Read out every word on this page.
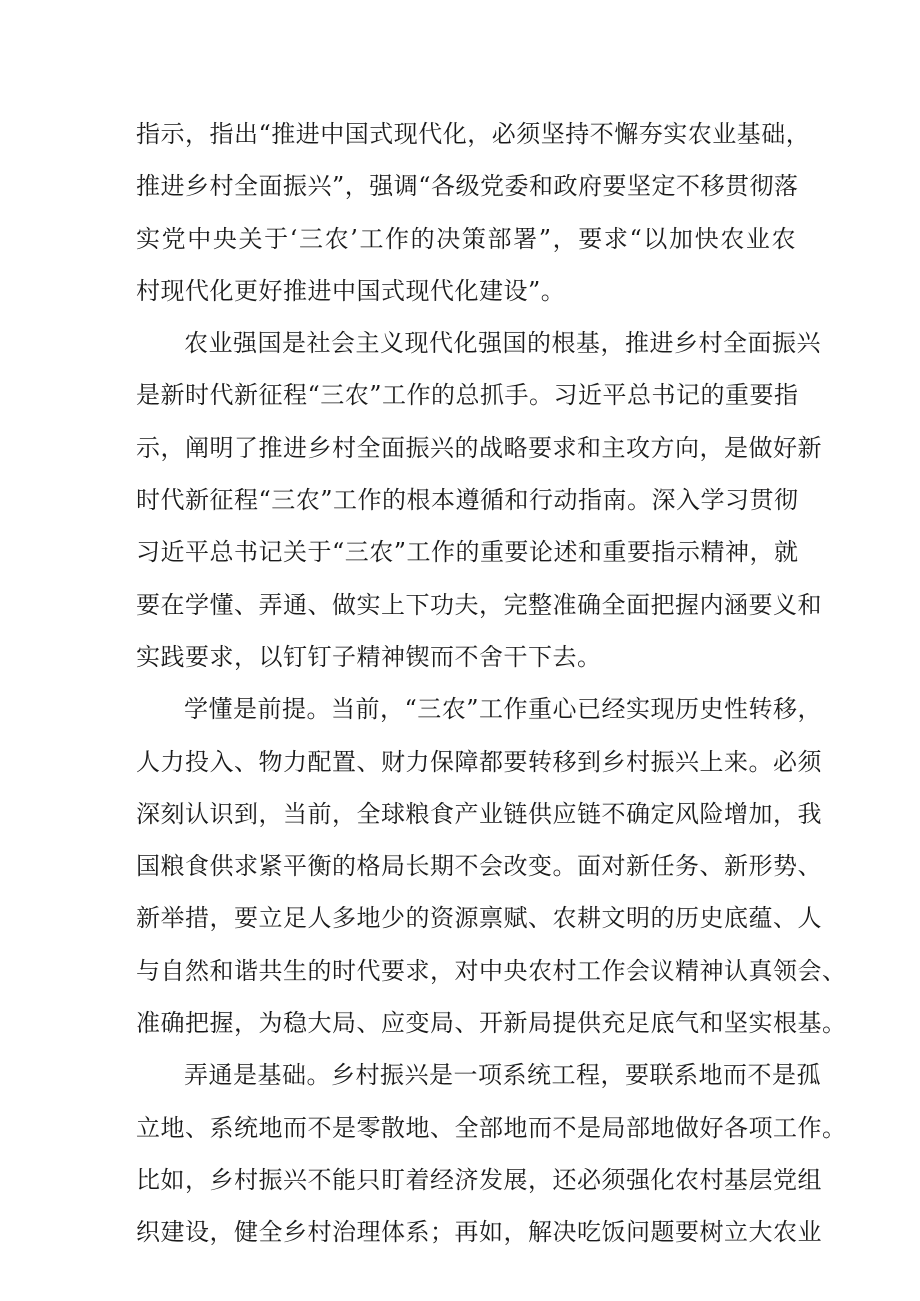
指示，指出“推进中国式现代化，必须坚持不懈夯实农业基础，
推进乡村全面振兴”，强调“各级党委和政府要坚定不移贯彻落
实党中央关于‘三农’工作的决策部署”，要求“以加快农业农
村现代化更好推进中国式现代化建设”。

农业强国是社会主义现代化强国的根基，推进乡村全面振兴
是新时代新征程“三农”工作的总抓手。习近平总书记的重要指
示，阐明了推进乡村全面振兴的战略要求和主攻方向，是做好新
时代新征程“三农”工作的根本遵循和行动指南。深入学习贯彻
习近平总书记关于“三农”工作的重要论述和重要指示精神，就
要在学懂、弄通、做实上下功夫，完整准确全面把握内涵要义和
实践要求，以钉钉子精神锲而不舍干下去。

学懂是前提。当前，“三农”工作重心已经实现历史性转移，
人力投入、物力配置、财力保障都要转移到乡村振兴上来。必须
深刻认识到，当前，全球粮食产业链供应链不确定风险增加，我
国粮食供求紧平衡的格局长期不会改变。面对新任务、新形势、
新举措，要立足人多地少的资源禀赋、农耕文明的历史底蕴、人
与自然和谐共生的时代要求，对中央农村工作会议精神认真领会、
准确把握，为稳大局、应变局、开新局提供充足底气和坚实根基。

弄通是基础。乡村振兴是一项系统工程，要联系地而不是孤
立地、系统地而不是零散地、全部地而不是局部地做好各项工作。
比如，乡村振兴不能只盯着经济发展，还必须强化农村基层党组
织建设，健全乡村治理体系；再如，解决吃饭问题要树立大农业
